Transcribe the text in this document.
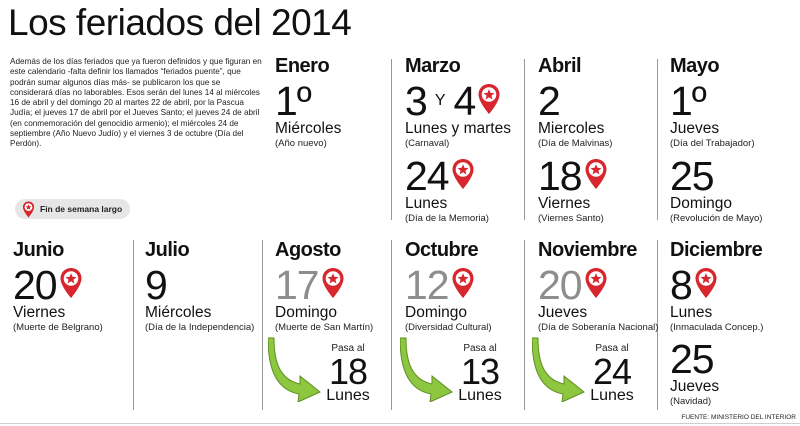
Los feriados del 2014

Además de los días feriados que ya fueron definidos y que figuran en este calendario -falta definir los llamados “feriados puente”, que podrán sumar algunos días más- se publicaron los que se considerará días no laborables. Esos serán del lunes 14 al miércoles 16 de abril y del domingo 20 al martes 22 de abril, por la Pascua Judía; el jueves 17 de abril por el Jueves Santo; el jueves 24 de abril (en conmemoración del genocidio armenio); el miércoles 24 de septiembre (Año Nuevo Judío) y el viernes 3 de octubre (Día del Perdón).

Fin de semana largo
Enero
1º
Miércoles
(Año nuevo)
Marzo
3 Y 4
Lunes y martes
(Carnaval)
24
Lunes
(Día de la Memoria)
Abril
2
Miercoles
(Día de Malvinas)
18
Viernes
(Viernes Santo)
Mayo
1º
Jueves
(Día del Trabajador)
25
Domingo
(Revolución de Mayo)
Junio
20
Viernes
(Muerte de Belgrano)
Julio
9
Miércoles
(Día de la Independencia)
Agosto
17
Domingo
(Muerte de San Martín)
Pasa al
18
Lunes
Octubre
12
Domingo
(Diversidad Cultural)
Pasa al
13
Lunes
Noviembre
20
Jueves
(Día de Soberanía Nacional)
Pasa al
24
Lunes
Diciembre
8
Lunes
(Inmaculada Concep.)
25
Jueves
(Navidad)
FUENTE: MINISTERIO DEL INTERIOR
